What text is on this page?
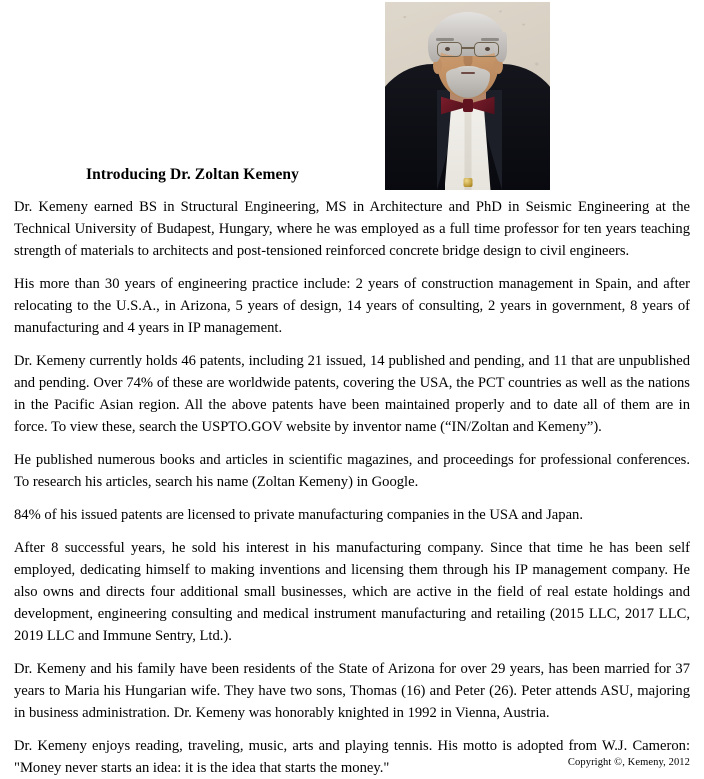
Introducing Dr. Zoltan Kemeny

Dr. Kemeny earned BS in Structural Engineering, MS in Architecture and PhD in Seismic Engineering at the Technical University of Budapest, Hungary, where he was employed as a full time professor for ten years teaching strength of materials to architects and post-tensioned reinforced concrete bridge design to civil engineers.

His more than 30 years of engineering practice include: 2 years of construction management in Spain, and after relocating to the U.S.A., in Arizona, 5 years of design, 14 years of consulting, 2 years in government, 8 years of manufacturing and 4 years in IP management.

Dr. Kemeny currently holds 46 patents, including 21 issued, 14 published and pending, and 11 that are unpublished and pending. Over 74% of these are worldwide patents, covering the USA, the PCT countries as well as the nations in the Pacific Asian region. All the above patents have been maintained properly and to date all of them are in force. To view these, search the USPTO.GOV website by inventor name (“IN/Zoltan and Kemeny”).

He published numerous books and articles in scientific magazines, and proceedings for professional conferences. To research his articles, search his name (Zoltan Kemeny) in Google.

84% of his issued patents are licensed to private manufacturing companies in the USA and Japan.

After 8 successful years, he sold his interest in his manufacturing company. Since that time he has been self employed, dedicating himself to making inventions and licensing them through his IP management company. He also owns and directs four additional small businesses, which are active in the field of real estate holdings and development, engineering consulting and medical instrument manufacturing and retailing (2015 LLC, 2017 LLC, 2019 LLC and Immune Sentry, Ltd.).

Dr. Kemeny and his family have been residents of the State of Arizona for over 29 years, has been married for 37 years to Maria his Hungarian wife. They have two sons, Thomas (16) and Peter (26). Peter attends ASU, majoring in business administration. Dr. Kemeny was honorably knighted in 1992 in Vienna, Austria.

Dr. Kemeny enjoys reading, traveling, music, arts and playing tennis. His motto is adopted from W.J. Cameron: "Money never starts an idea: it is the idea that starts the money."	Copyright ©, Kemeny, 2012
